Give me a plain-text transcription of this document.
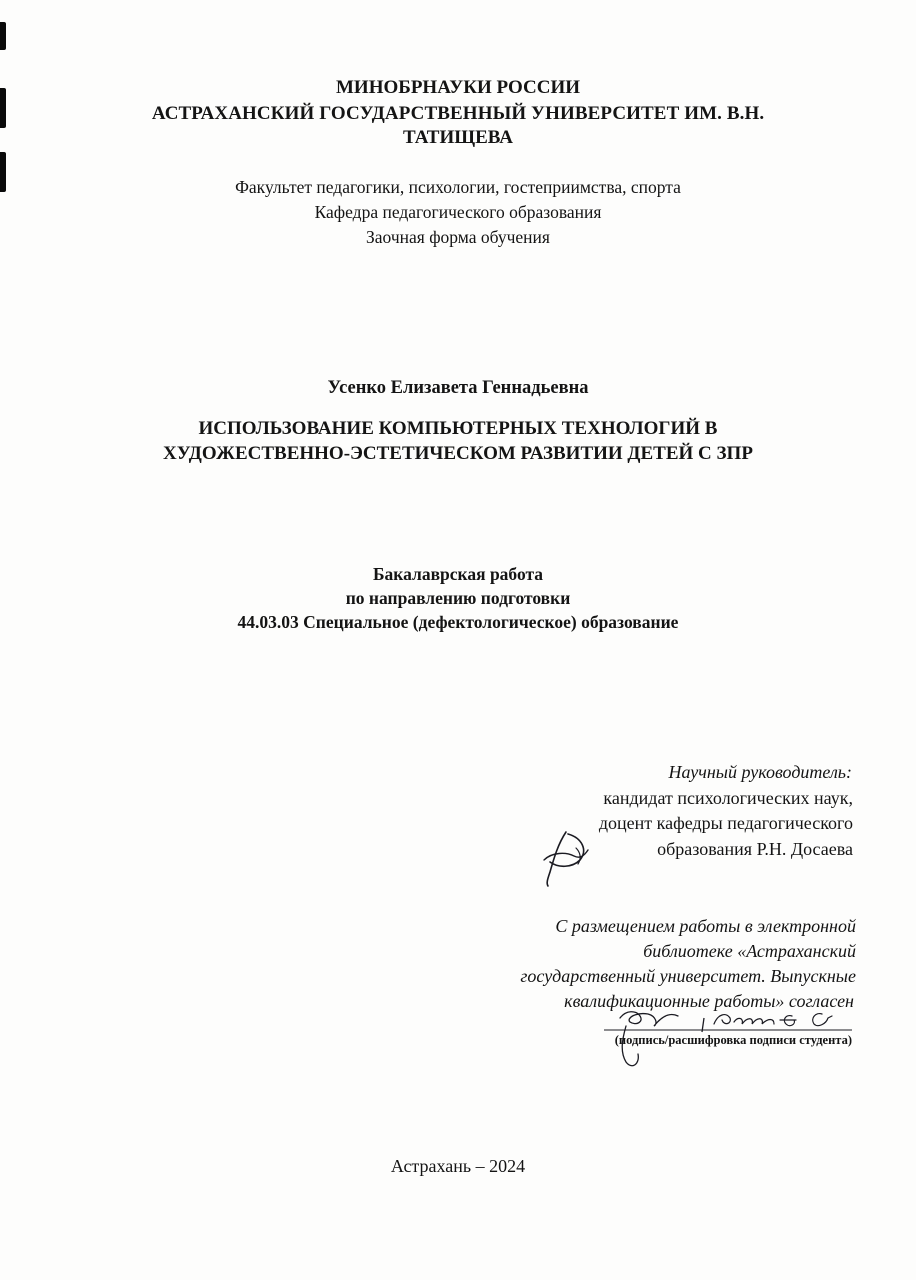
МИНОБРНАУКИ РОССИИ
АСТРАХАНСКИЙ ГОСУДАРСТВЕННЫЙ УНИВЕРСИТЕТ ИМ. В.Н.
ТАТИЩЕВА
Факультет педагогики, психологии, гостеприимства, спорта
Кафедра педагогического образования
Заочная форма обучения
Усенко Елизавета Геннадьевна
ИСПОЛЬЗОВАНИЕ КОМПЬЮТЕРНЫХ ТЕХНОЛОГИЙ В
ХУДОЖЕСТВЕННО-ЭСТЕТИЧЕСКОМ РАЗВИТИИ ДЕТЕЙ С ЗПР
Бакалаврская работа
по направлению подготовки
44.03.03 Специальное (дефектологическое) образование
Научный руководитель:
кандидат психологических наук,
доцент кафедры педагогического
образования Р.Н. Досаева
С размещением работы в электронной
библиотеке «Астраханский
государственный университет. Выпускные
квалификационные работы» согласен
(подпись/расшифровка подписи студента)
Астрахань – 2024
